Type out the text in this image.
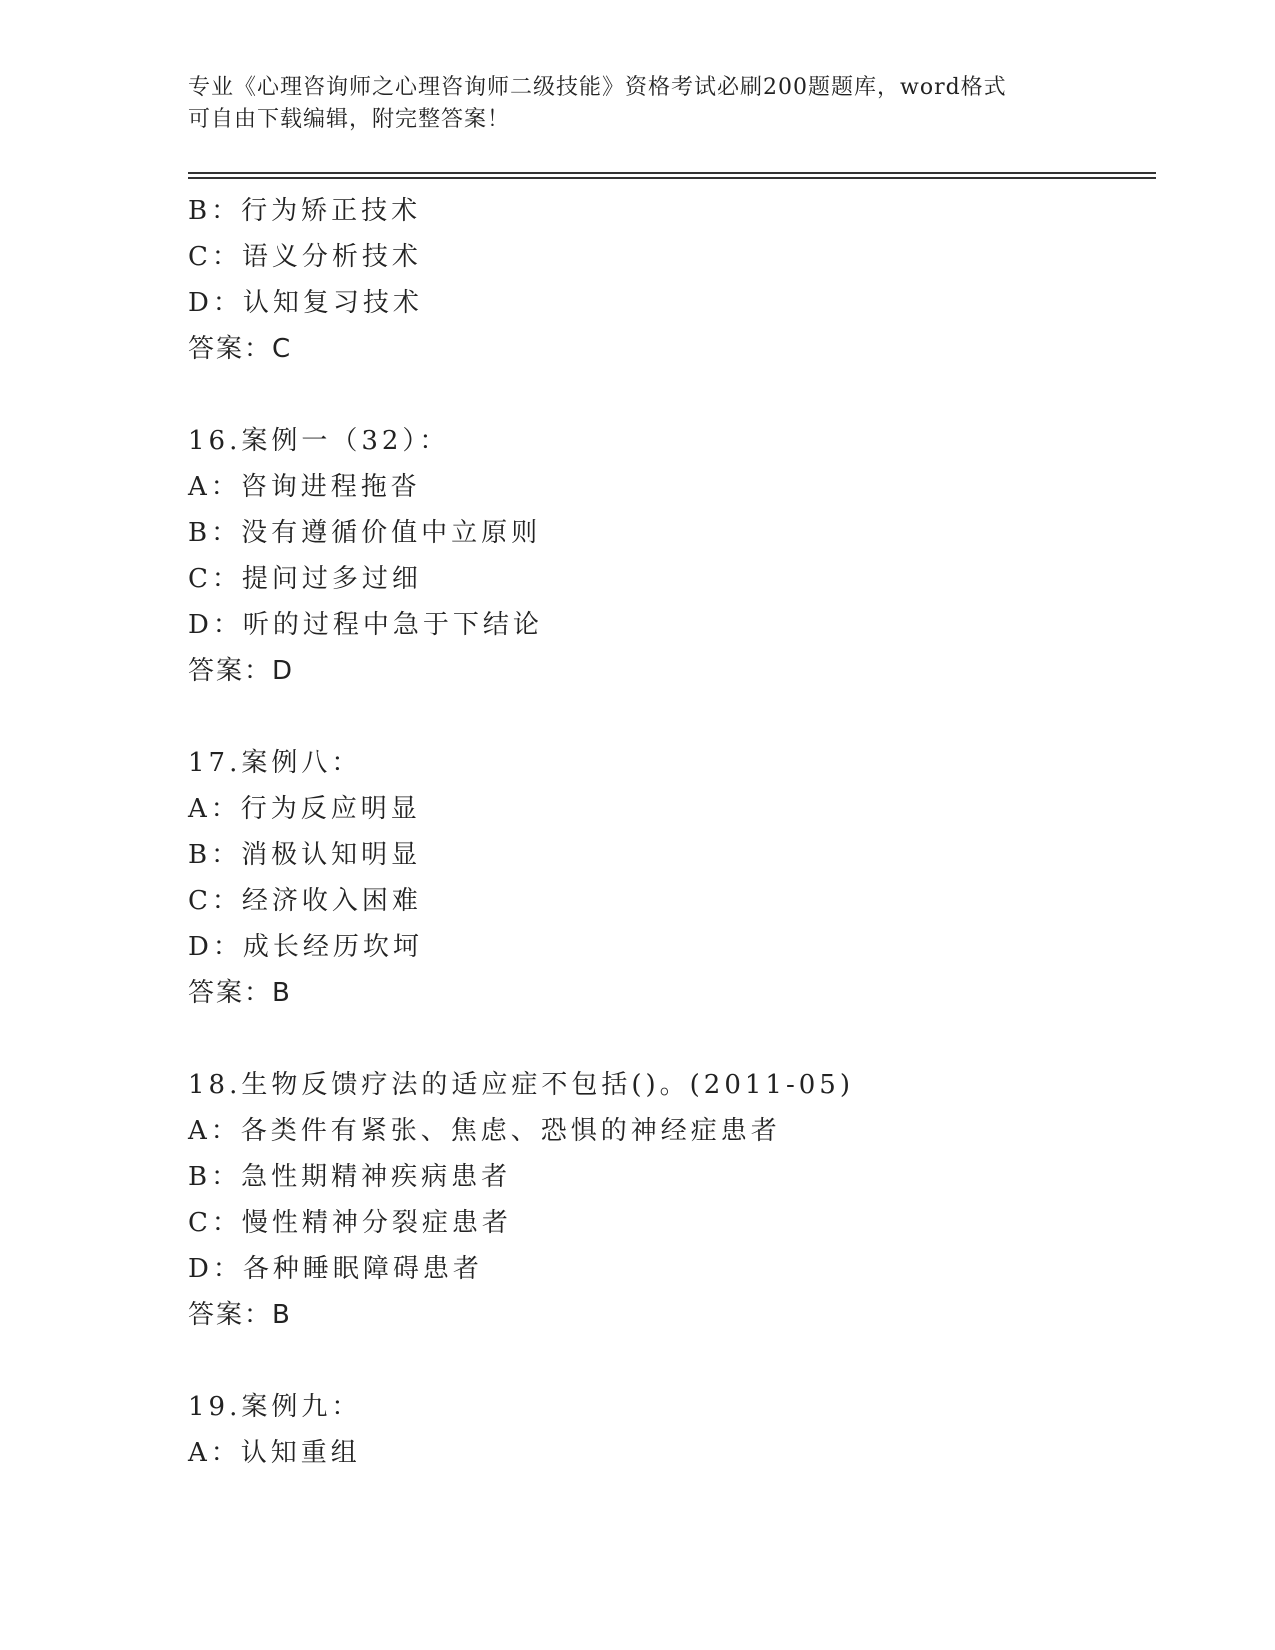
专业《心理咨询师之心理咨询师二级技能》资格考试必刷200题题库，word格式
可自由下载编辑，附完整答案！
B：行为矫正技术
C：语义分析技术
D：认知复习技术
答案：C
16.案例一（32）：
A：咨询进程拖沓
B：没有遵循价值中立原则
C：提问过多过细
D：听的过程中急于下结论
答案：D
17.案例八：
A：行为反应明显
B：消极认知明显
C：经济收入困难
D：成长经历坎坷
答案：B
18.生物反馈疗法的适应症不包括()。(2011-05)
A：各类件有紧张、焦虑、恐惧的神经症患者
B：急性期精神疾病患者
C：慢性精神分裂症患者
D：各种睡眠障碍患者
答案：B
19.案例九：
A：认知重组
